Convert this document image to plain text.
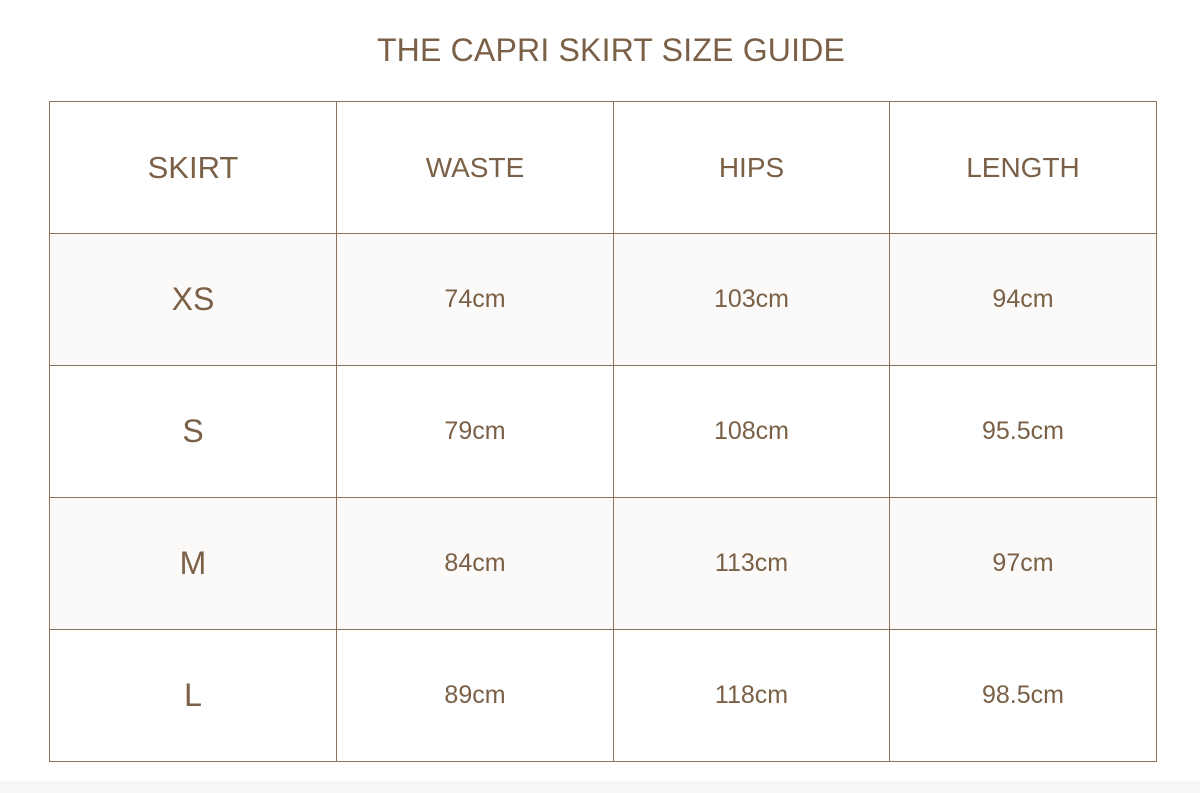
THE CAPRI SKIRT SIZE GUIDE
SKIRT	WASTE	HIPS	LENGTH
XS	74cm	103cm	94cm
S	79cm	108cm	95.5cm
M	84cm	113cm	97cm
L	89cm	118cm	98.5cm
